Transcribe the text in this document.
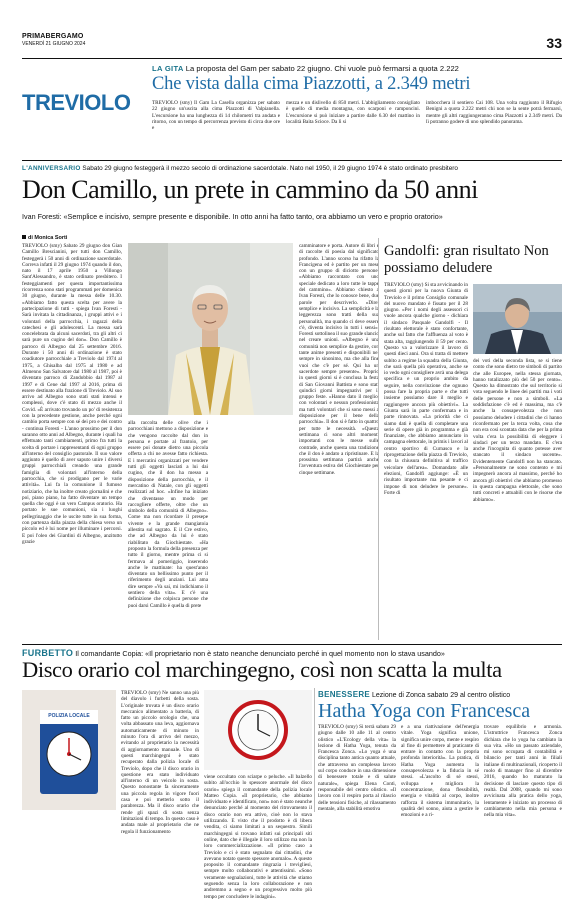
PRIMABERGAMO
VENERDÌ 21 GIUGNO 2024	33
TREVIOLO
LA GITA La proposta del Gam per sabato 22 giugno. Chi vuole può fermarsi a quota 2.222
Che vista dalla cima Piazzotti, a 2.349 metri

TREVIOLO (smy) Il Gam La Casella organizza per sabato 22 giugno un'uscita alla cima Piazzotti di Valpianella. L'escursione ha una lunghezza di 14 chilometri tra andata e ritorno, con un tempo di percorrenza previsto di circa due ore e

mezza e un dislivello di 850 metri. L'abbigliamento consigliato è quello di media montagna, con scarponi e ramponcini. L'escursione si può iniziare a partire dalle 6.30 del mattino in località Baita Scioce. Da lì si

imbocchera il sentiero Cai 108. Una volta raggiunto il Rifugio Benigni a quota 2.222 metri chi non se la sente potrà fermarsi, mentre gli altri raggiungeranno cima Piazzotti a 2.349 metri. Da lì potranno godere di uno splendido panorama.

L'ANNIVERSARIO Sabato 29 giugno festeggerà il mezzo secolo di ordinazione sacerdotale. Nato nel 1950, il 29 giugno 1974 è stato ordinato presbitero
Don Camillo, un prete in cammino da 50 anni
Ivan Foresti: «Semplice e incisivo, sempre presente e disponibile. In otto anni ha fatto tanto, ora abbiamo un vero e proprio oratorio»
di Monica Sorti

TREVIOLO (smy) Sabato 29 giugno don Gian Camillo Brescianini, per tutti don Camillo, festeggerà i 50 anni di ordinazione sacerdotale. Correva infatti il 29 giugno 1974 quando il don, nato il 17 aprile 1950 a Villongo Sant'Alessandro, è stato ordinato presbitero. I festeggiamenti per questa importantissima ricorrenza sono stati programmati per domenica 30 giugno, durante la messa delle 10.30. «Abbiamo fatto questa scelta per avere la partecipazione di tutti - spiega Ivan Foresti - Sarà invitata la cittadinanza, i gruppi attivi e i volontari della parrocchia, i ragazzi della catechesi e gli adolescenti. La messa sarà concelebrata da alcuni sacerdoti, tra gli altri ci sarà pure un cugino del don». Don Camillo è parroco di Albegno dal 25 settembre 2016. Durante i 50 anni di ordinazione è stato coadiutore parrocchiale a Treviolo dal 1974 al 1975, a Ghisalba dal 1975 al 1980 e ad Almenno San Salvatore dal 1980 al 1987, poi è diventato parroco di Zandobbio dal 1987 al 1997 e di Cene dal 1997 al 2016, prima di essere destinato alla frazione di Treviolo. Al suo arrivo ad Albegno sono stati stati intensi e complessi, dove c'è stato di mezzo anche il Covid. «È arrivato trovando un po' di resistenza con la precedente gestione, anche perché ogni cambio porta sempre con sé dei pro e dei contro - continua Foresti - L'anno prossimo per il don saranno otto anni ad Albegno, durante i quali ha effettuato tanti cambiamenti, primo fra tutti la scelta di portare i rappresentanti di ogni gruppo all'interno del consiglio pastorale. Il suo valore aggiunto è quello di aver saputo unire i diversi gruppi parrocchiali creando una grande famiglia di volontari all'interno della parrocchia, che si prodigano per le varie attività». Lui fa la comunione il fumoso notiziario, che ha inoltre creato giornalini e che poi, piano piano, ha fatto diventare un tempo quella che oggi è un vero Campus oratorio. Ha portato le sue comunioni, sia i luoghi pellegrinaggio che le uscite tutte in sua forma, con partenza dalla piazza della chiesa verso un piccolo ed è lui nome per illuminare i percorsi. E poi l'oleo dei Giardini di Albegno, anzitutto grazie

alla raccolta delle olive che i parrocchiani mettono a disposizione e che vengono raccolte dal don in persona e portate al frantoio, per essere poi donate dietro una piccola offerta a chi ne avesse fatto richiesta. E i mercatini organizzati per vendere tutti gli oggetti lasciati a lui dai cugino, che il don ha messo a disposizione della parrocchia, e il mercatino di Natale, con gli oggetti realizzati ad hoc. «Infine ha iniziato che diventasse un modo per raccogliere offerte, oltre che un simbolo della comunità di Albegno». Come ma non ricordare il presepe vivente e la grande mangiatoia allestita sul sagrato. E il Cre estivo, che ad Albegno da lui è stato riabilitato da Giochiestate. «Ha proposto la formula della presenza per tutto il giorno, mentre prima ci si fermava al pomeriggio, inserendo anche le mattinate: ha quest'anno diventato un bellissimo punto per il riferimento degli anziani. Lui ama dire sempre «Va sai, mi indichiamo il sentiero della vita». E c'è una definizione che colpisca persone che puoi darsi Camillo è quella di prete

camminatore e porta. Autore di libri e di raccolte di poesia dal significato profondo. L'anno scorso ha rifatto la Francigena ed è partito per un mese con un gruppo di diciotto persone. «Abbiamo raccontato con uno speciale dedicato a loro tutte le tappe del cammino». Abbiamo chiesto a Ivan Foresti, che lo conosce bene, due parole per descriverlo. «Direi semplice e incisivo. La semplicità e la leggerezza sono tratti della sua personalità, ma quando ci deve essere c'è, diventa incisivo in tutti i sensi». Foresti sottolinea il suo grande slancio nel creare unioni. «Albegno è una comunità non semplice da gestire, con tante anime presenti e disponibili nel sempre in sinonimo, ma che alla fine vuoi che c'è per sé. Qui ha un sacerdote sempre presente». Proprio in questi giorni si è conclusa la festa di San Giovanni Battista e sono stati quindici giorni impegnativi per il gruppo feste. «Hanno dato il meglio, con volontari e nessun professionista ma tutti volontari che si sono messi a disposizione per il bene della parrocchia». Il don si è fatto in quattro per tutte le necessità. «Questa settimana ci sono altri momenti importanti con le messe sulle contrade, anche questa una tradizione che il don è andato a ripristinare. E la prossima settimana partirà anche l'avventura estiva del Giochiestate per cinque settimane.

Gandolfi: gran risultato Non possiamo deludere

TREVIOLO (smy) Si sta avvicinando in questi giorni per la nuova Giunta di Treviolo e il primo Consiglio comunale del nuovo mandato è fissato per il 28 giugno. «Per i nomi degli assessori ci vuole ancora qualche giorno - dichiara il sindaco Pasquale Gandolfi - Il risultato elettorale è stato confortante, anche sul fatto che l'affluenza al voto è stata alta, raggiungendo il 59 per cento. Questo va a valorizzare il lavoro di questi dieci anni. Ora si tratta di mettere subito a regime la squadra della Giunta, che sarà quella più operativa, anche se io vedo ogni consigliere avrà una delega specifica e un proprio ambito da seguire, nella convinzione che ognuno possa fare la propria parte e che tutti insieme possiamo dare il meglio e raggiungere ancora più obiettivi». La Giunta sarà in parte confermata e in parte rinnovata. «La priorità che ci siamo dati è quella di completare una serie di opere già in programma e già finanziate, che abbiamo annunciato in campagna elettorale, in primis i lavori al centro sportivo di Curnasco e la riprogettazione della piazza di Treviolo, con la chiusura definitiva al traffico veicolare dell'area». Domandato alle elezioni, Gandolfi aggiunge: «È un risultato importante ma pesante e ci impone di non deludere le persone». Forte di

dei voti della seconda lista, se si tiene conto che sono dietro tre simboli di partito che alle Europee, nella stessa giornata, hanno totalizzato più del 50 per cento». Questo ha dimostrato che sul territorio si vota seguendo le linee dei partiti ma i voti delle persone e non a simboli. «La soddisfazione c'è ed è massima, ma c'è anche la consapevolezza che non possiamo deludere i cittadini che ci hanno riconfermato per la terza volta, cosa che non era così scontata data che per la prima volta c'era la possibilità di eleggere i sindaci per un terzo mandato. E c'era anche l'incognita di quanto potesse aver stancato il sindaco uscente». Evidentemente Gandolfi non ha stancato. «Personalmente ne sono contento e mi impegnerò ancora al massimo, perché ho ancora gli obiettivi che abbiamo promesso in questa campagna elettorale, che sono tutti concreti e attuabili con le risorse che abbiamo».

FURBETTO Il comandante Copia: «Il proprietario non è stato neanche denunciato perché in quel momento non lo stava usando»
Disco orario col marchingegno, così non scatta la multa
POLIZIA LOCALE

TREVIOLO (smy) Ne sanno una più del diavolo i furbetti della sosta. L'originale trovata è un disco orario meccanico alimentato a batteria, di fatto un piccolo orologio che, una volta abbassato una leva, aggiornava automaticamente di minuto in minuto l'ora di arrivo del mezzo, evitando al proprietario la necessità di aggiornamento manuale. Uno di questi marchingegni è stato recuperato dalla polizia locale di Treviolo, dopo che il disco orario in questione era stato individuato all'interno di un veicolo in sosta. Questo nonostante fa sinceramente una piccola regola in vigore fuori casa e poi metterlo sotto il parabrezza. Ma il disco orario che rende gli spazi di sosta senza limitazioni di tempo. In questo caso è andata male al proprietario che ne regola il funzionamento

viene occultato con sciarpe o peluche. «Il balzello subito all'occhio lo spessore anormale del disco orario» spiega il comandante della polizia locale Matteo Copia. «Il proprietario, che abbiamo individuato e identificato, non» non è stato neanche denunciato perché al momento del ritrovamento il disco orario non era attivo, cioè non lo stava utilizzando. E visto che il prodotto è di libera vendita, ci siamo limitati a un sequestro. Simili marchingegni si trovano infatti sui principali siti online, dato che è illegale il loro utilizzo ma non la loro commercializzazione. «Il primo caso a Treviolo e ci è stato segnalato dai cittadini, che avevano notato questo spessore anomalo». A questo proposito il comandante ringrazia i trevigliesi, sempre molto collaborativi e attentissimi. «Sono veramente segnalazioni, tutte le attività che stiamo seguendo senza la loro collaborazione e non andremmo a segno e un progressivo molto più tempo per concludere le indagini».

BENESSERE Lezione di Zonca sabato 29 al centro olistico
Hatha Yoga con Francesca

TREVIOLO (smy) Si terrà sabato 29 giugno dalle 10 alle 11 al centro olistico «L'Ecology della vita» la lezione di Hatha Yoga, tenuta da Francesca Zonca. «Lo yoga è una disciplina tanto antica quanto attuale, che attraverso un complesso lavoro sul corpo conduce in una dimensione di benessere totale e di salute naturale», spiega Elena Conti, responsabile del centro olistico. «Il lavoro con il respiro porta al rilascio delle tensioni fisiche, al rilassamento mentale, alla stabilità emotiva

e a una riattivazione dell'energia vitale. Yoga significa unione, significa unire corpo, mente e respiro al fine di permettere al praticante di entrare in contatto con la propria profonda interiorità». La pratica, di Hatha Yoga aumenta la consapevolezza e la fiducia in sé stessi. «L'ascolto di sé stessi, sviluppa e migliora la concentrazione, dona flessibilità, energia e vitalità al corpo, inoltre rafforza il sistema immunitario, la qualità del sonno, aiuta a gestire le emozioni e a ri-

trovare equilibrio e armonia. L'istruttrice Francesca Zonca dichiara che lo yoga ha cambiato la sua vita. «Ho un passato aziendale, mi sono occupata di contabilità e bilancio per tanti anni in filiali italiane di multinazionali, ricoperto il ruolo di manager fino al dicembre 2016, quando ho maturato la decisione di lasciare questo tipo di realtà. Dal 2008, quando mi sono avvicinata alla pratica dello yoga, lentamente è iniziato un processo di cambiamento nella mia persona e nella mia vita».
